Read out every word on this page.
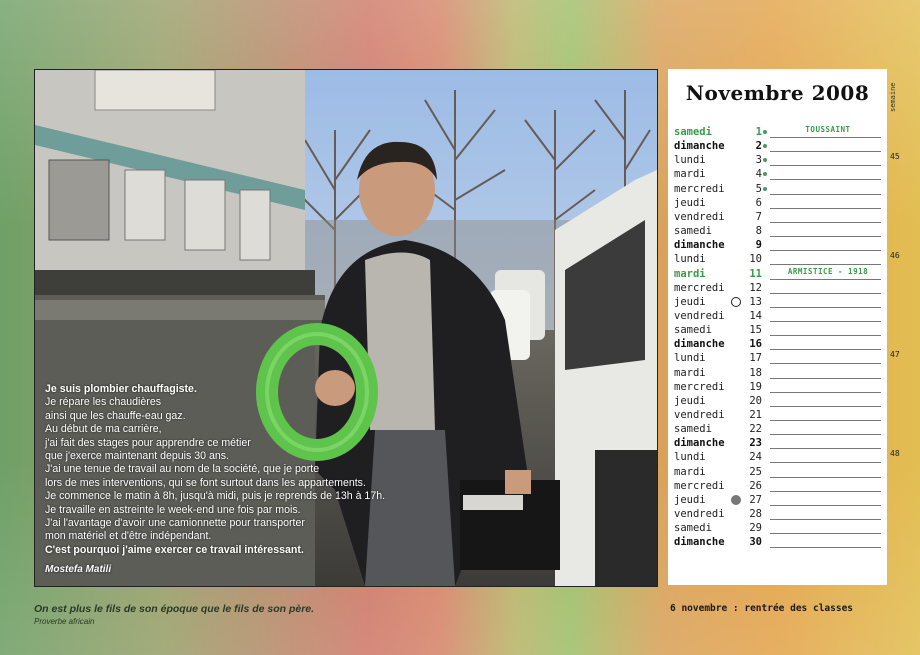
Je suis plombier chauffagiste.
Je répare les chaudières
ainsi que les chauffe-eau gaz.
Au début de ma carrière,
j'ai fait des stages pour apprendre ce métier
que j'exerce maintenant depuis 30 ans.
J'ai une tenue de travail au nom de la société, que je porte
lors de mes interventions, qui se font surtout dans les appartements.
Je commence le matin à 8h, jusqu'à midi, puis je reprends de 13h à 17h.
Je travaille en astreinte le week-end une fois par mois.
J'ai l'avantage d'avoir une camionnette pour transporter
mon matériel et d'être indépendant.
C'est pourquoi j'aime exercer ce travail intéressant.
Mostefa Matili
Novembre 2008
samedi	1	TOUSSAINT
dimanche	2
lundi	3
mardi	4
mercredi	5
jeudi	6
vendredi	7
samedi	8
dimanche	9
lundi	10
mardi	11	ARMISTICE - 1918
mercredi	12
jeudi	13
vendredi	14
samedi	15
dimanche	16
lundi	17
mardi	18
mercredi	19
jeudi	20
vendredi	21
samedi	22
dimanche	23
lundi	24
mardi	25
mercredi	26
jeudi	27
vendredi	28
samedi	29
dimanche	30
semaine
45
46
47
48
On est plus le fils de son époque que le fils de son père.
Proverbe africain
6 novembre : rentrée des classes
